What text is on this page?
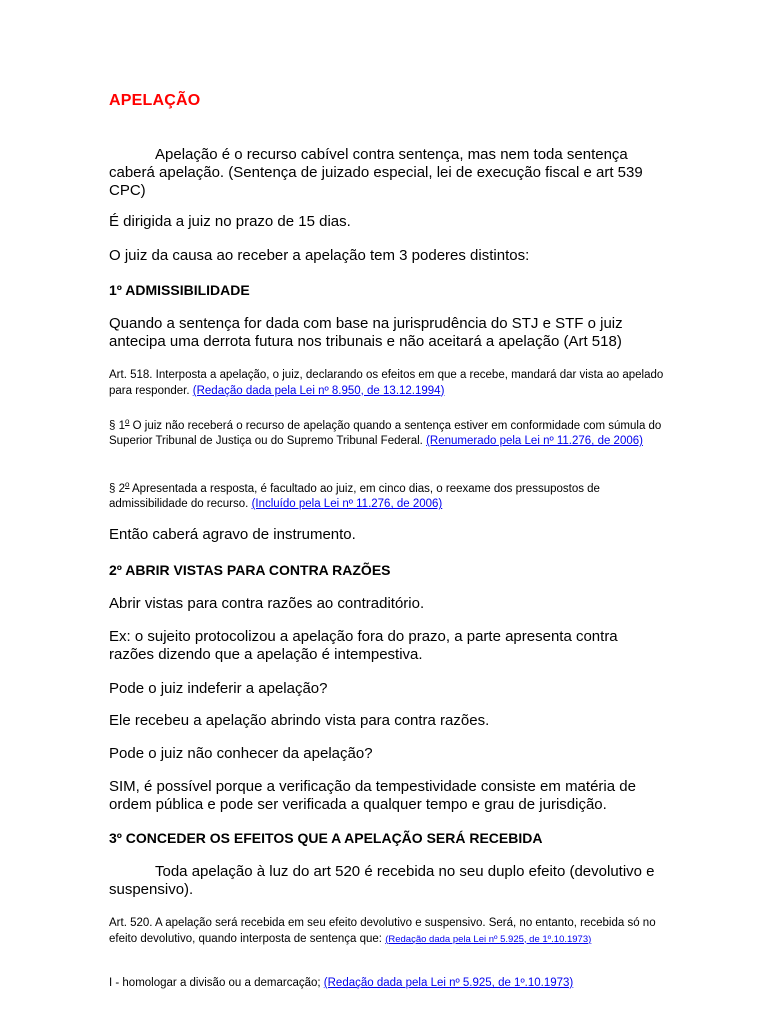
APELAÇÃO

Apelação é o recurso cabível contra sentença, mas nem toda sentença caberá apelação. (Sentença de juizado especial, lei de execução fiscal e art 539 CPC)

É dirigida a juiz no prazo de 15 dias.

O juiz da causa ao receber a apelação tem 3 poderes distintos:

1º ADMISSIBILIDADE

Quando a sentença for dada com base na jurisprudência do STJ e STF o juiz antecipa uma derrota futura nos tribunais e não aceitará a apelação (Art 518)

Art. 518. Interposta a apelação, o juiz, declarando os efeitos em que a recebe, mandará dar vista ao apelado para responder. (Redação dada pela Lei nº 8.950, de 13.12.1994)

§ 1$^o$ O juiz não receberá o recurso de apelação quando a sentença estiver em conformidade com súmula do Superior Tribunal de Justiça ou do Supremo Tribunal Federal. (Renumerado pela Lei nº 11.276, de 2006)

§ 2$^o$ Apresentada a resposta, é facultado ao juiz, em cinco dias, o reexame dos pressupostos de admissibilidade do recurso. (Incluído pela Lei nº 11.276, de 2006)

Então caberá agravo de instrumento.

2º ABRIR VISTAS PARA CONTRA RAZÕES

Abrir vistas para contra razões ao contraditório.

Ex: o sujeito protocolizou a apelação fora do prazo, a parte apresenta contra razões dizendo que a apelação é intempestiva.

Pode o juiz indeferir a apelação?

Ele recebeu a apelação abrindo vista para contra razões.

Pode o juiz não conhecer da apelação?

SIM, é possível porque a verificação da tempestividade consiste em matéria de ordem pública e pode ser verificada a qualquer tempo e grau de jurisdição.

3º CONCEDER OS EFEITOS QUE A APELAÇÃO SERÁ RECEBIDA

Toda apelação à luz do art 520 é recebida no seu duplo efeito (devolutivo e suspensivo).

Art. 520. A apelação será recebida em seu efeito devolutivo e suspensivo. Será, no entanto, recebida só no efeito devolutivo, quando interposta de sentença que: (Redação dada pela Lei nº 5.925, de 1º.10.1973)

I - homologar a divisão ou a demarcação; (Redação dada pela Lei nº 5.925, de 1º.10.1973)
